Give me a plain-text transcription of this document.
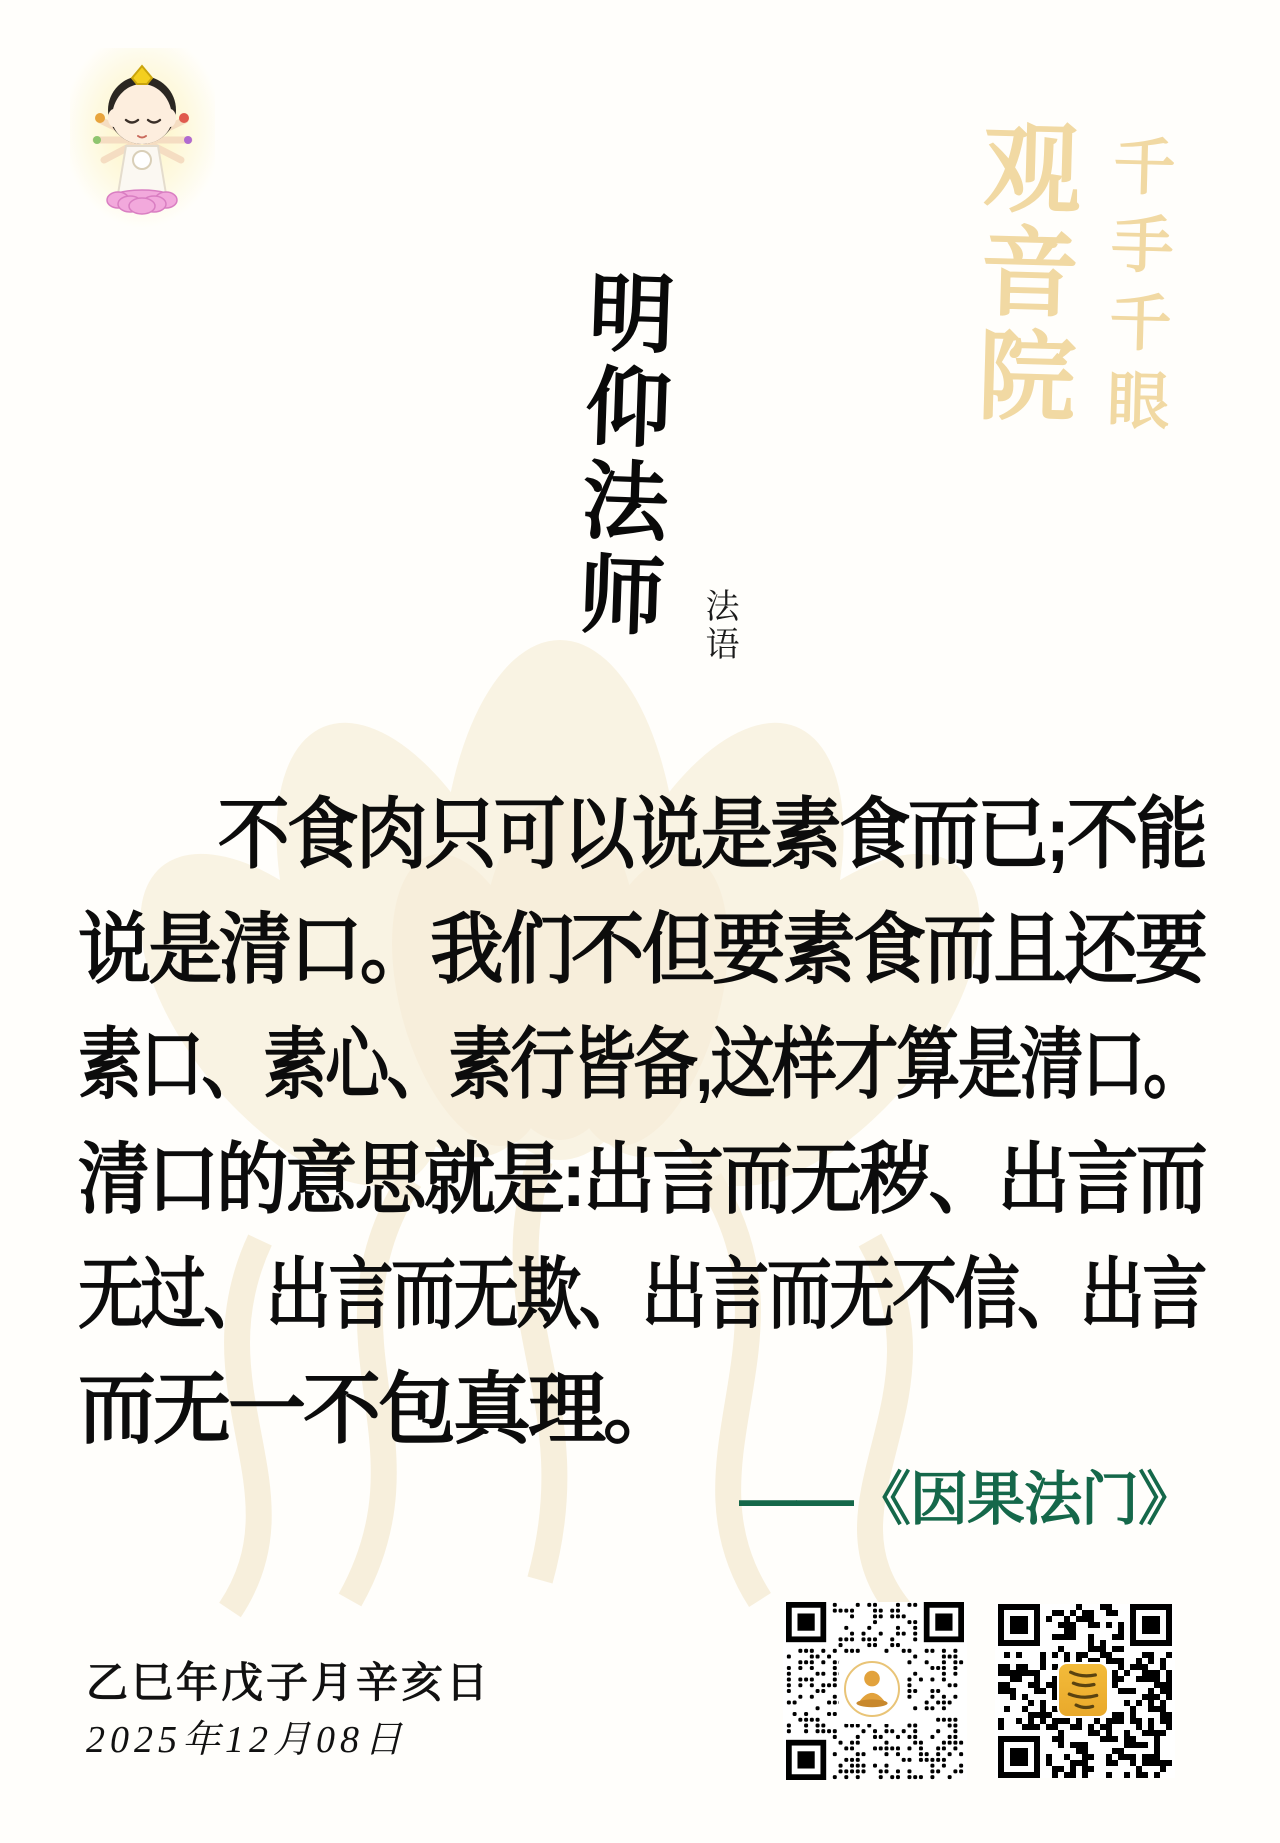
千手千眼 观音院
明仰法师 法语
不食肉只可以说是素食而已;不能
说是清口。我们不但要素食而且还要
素口、素心、素行皆备,这样才算是清口。
清口的意思就是:出言而无秽、出言而
无过、出言而无欺、出言而无不信、出言
而无一不包真理。
——《因果法门》
乙巳年戊子月辛亥日
2025年12月08日
